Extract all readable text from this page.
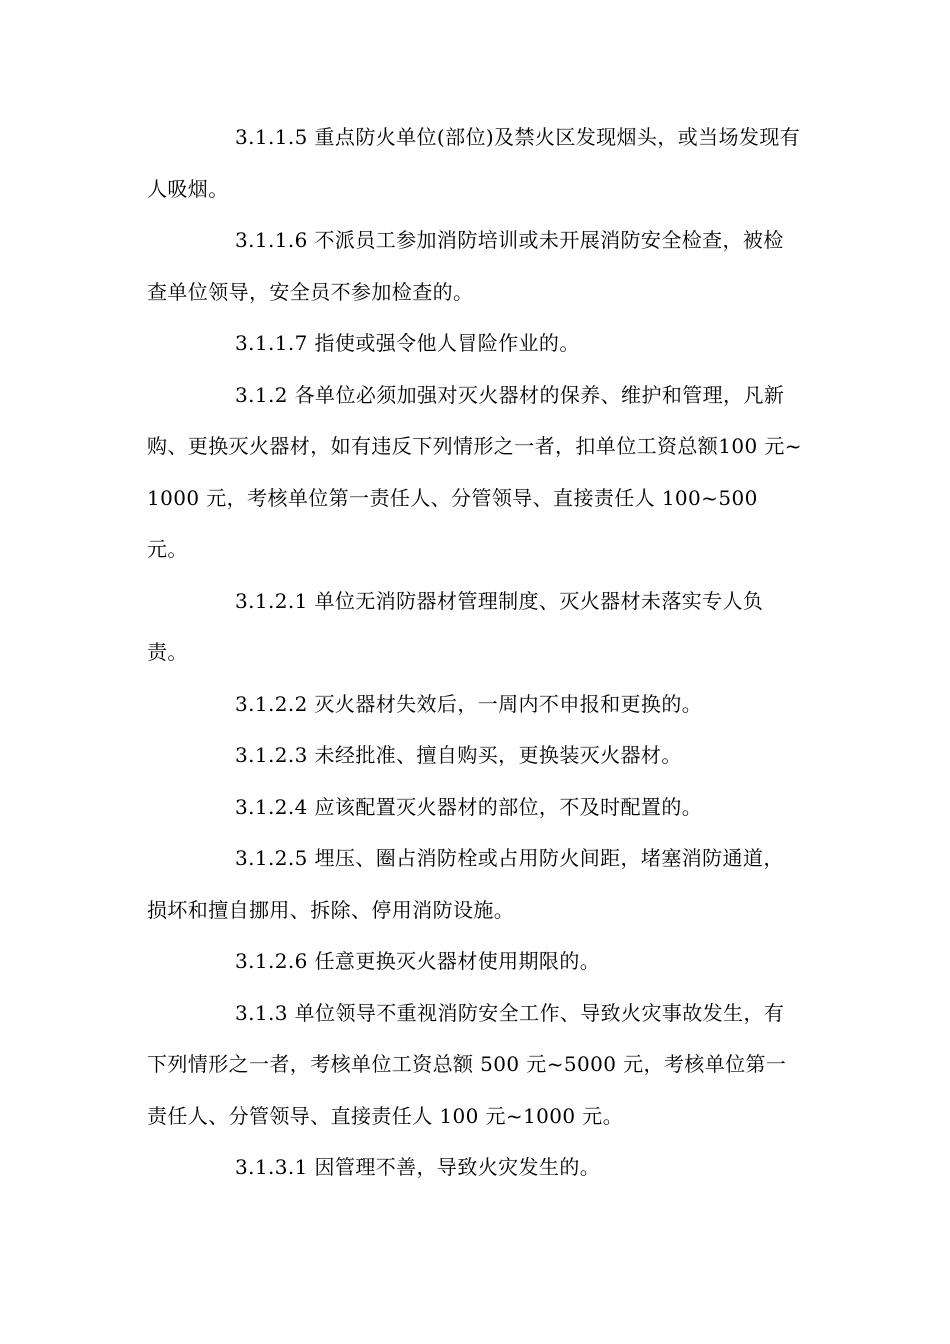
3.1.1.5 重点防火单位(部位)及禁火区发现烟头，或当场发现有人吸烟。

3.1.1.6 不派员工参加消防培训或未开展消防安全检查，被检查单位领导，安全员不参加检查的。

3.1.1.7 指使或强令他人冒险作业的。

3.1.2 各单位必须加强对灭火器材的保养、维护和管理，凡新购、更换灭火器材，如有违反下列情形之一者，扣单位工资总额100 元~1000 元，考核单位第一责任人、分管领导、直接责任人 100~500 元。

3.1.2.1 单位无消防器材管理制度、灭火器材未落实专人负责。

3.1.2.2 灭火器材失效后，一周内不申报和更换的。

3.1.2.3 未经批准、擅自购买，更换装灭火器材。

3.1.2.4 应该配置灭火器材的部位，不及时配置的。

3.1.2.5 埋压、圈占消防栓或占用防火间距，堵塞消防通道，损坏和擅自挪用、拆除、停用消防设施。

3.1.2.6 任意更换灭火器材使用期限的。

3.1.3 单位领导不重视消防安全工作、导致火灾事故发生，有下列情形之一者，考核单位工资总额 500 元~5000 元，考核单位第一责任人、分管领导、直接责任人 100 元~1000 元。

3.1.3.1 因管理不善，导致火灾发生的。
